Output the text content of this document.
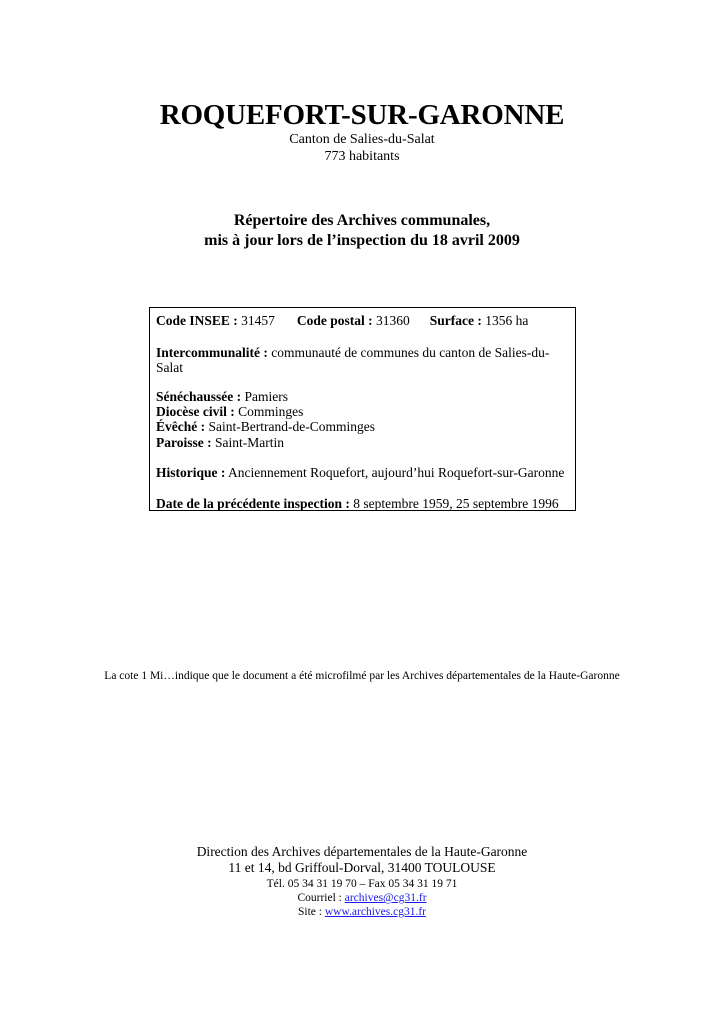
ROQUEFORT-SUR-GARONNE
Canton de Salies-du-Salat
773 habitants
Répertoire des Archives communales,
mis à jour lors de l’inspection du 18 avril 2009
Code INSEE : 31457 Code postal : 31360 Surface : 1356 ha
Intercommunalité : communauté de communes du canton de Salies-du-
Salat
Sénéchaussée : Pamiers
Diocèse civil : Comminges
Évêché : Saint-Bertrand-de-Comminges
Paroisse : Saint-Martin
Historique : Anciennement Roquefort, aujourd’hui Roquefort-sur-Garonne
Date de la précédente inspection : 8 septembre 1959, 25 septembre 1996
La cote 1 Mi…indique que le document a été microfilmé par les Archives départementales de la Haute-Garonne
Direction des Archives départementales de la Haute-Garonne
11 et 14, bd Griffoul-Dorval, 31400 TOULOUSE
Tél. 05 34 31 19 70 – Fax 05 34 31 19 71
Courriel : archives@cg31.fr
Site : www.archives.cg31.fr
